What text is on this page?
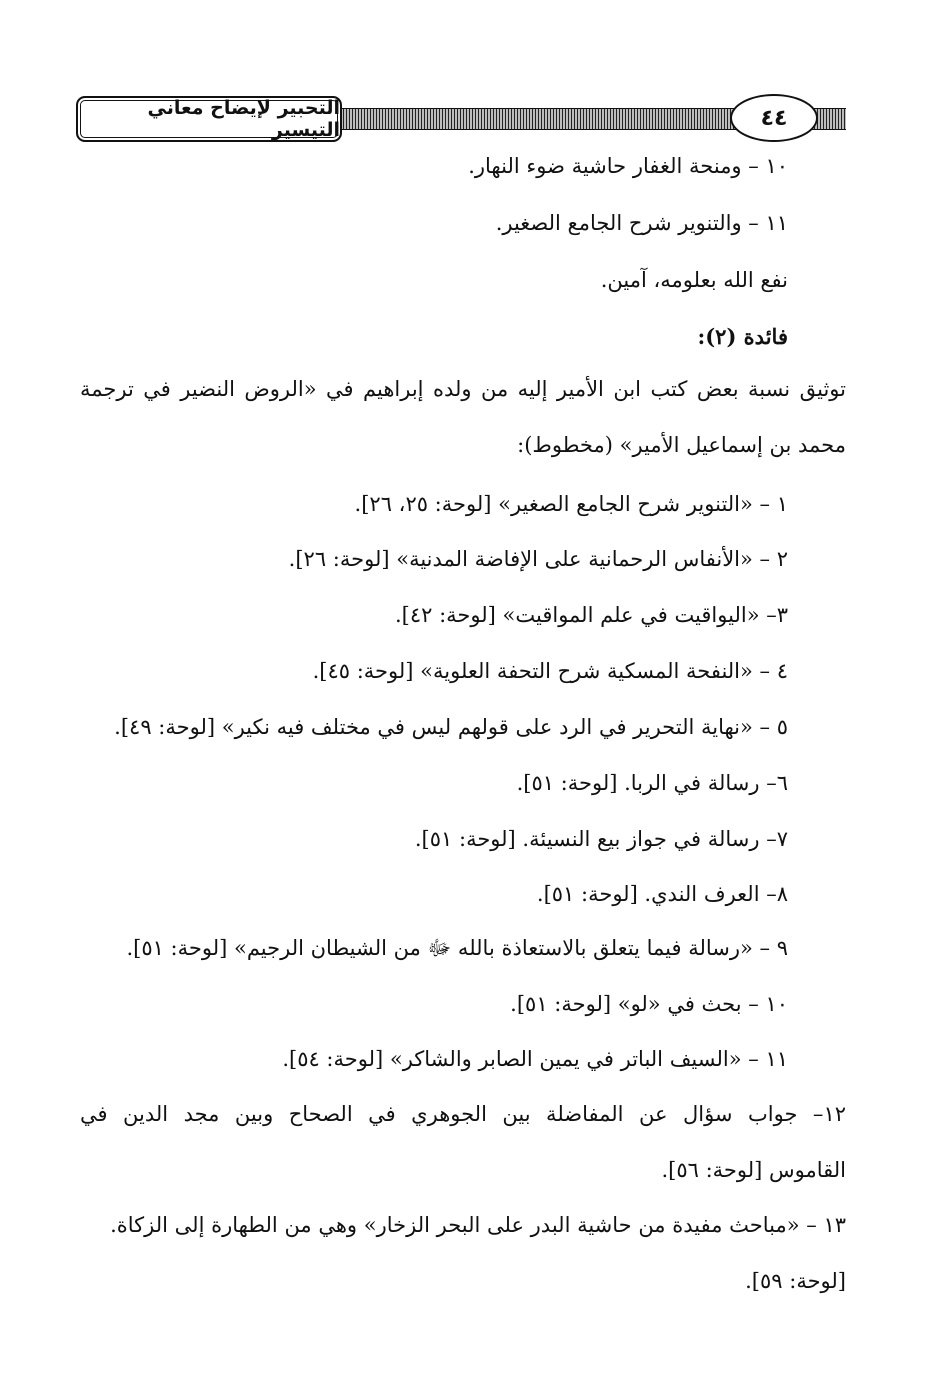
٤٤
التحبير لإيضاح معاني التيسير
١٠ – ومنحة الغفار حاشية ضوء النهار.
١١ – والتنوير شرح الجامع الصغير.
نفع الله بعلومه، آمين.
فائدة (٢):
توثيق نسبة بعض كتب ابن الأمير إليه من ولده إبراهيم في «الروض النضير في ترجمة
محمد بن إسماعيل الأمير» (مخطوط):
١ – «التنوير شرح الجامع الصغير» [لوحة: ٢٥، ٢٦].
٢ – «الأنفاس الرحمانية على الإفاضة المدنية» [لوحة: ٢٦].
٣– «اليواقيت في علم المواقيت» [لوحة: ٤٢].
٤ – «النفحة المسكية شرح التحفة العلوية» [لوحة: ٤٥].
٥ – «نهاية التحرير في الرد على قولهم ليس في مختلف فيه نكير» [لوحة: ٤٩].
٦– رسالة في الربا. [لوحة: ٥١].
٧– رسالة في جواز بيع النسيئة. [لوحة: ٥١].
٨– العرف الندي. [لوحة: ٥١].
٩ – «رسالة فيما يتعلق بالاستعاذة بالله ﷻ من الشيطان الرجيم» [لوحة: ٥١].
١٠ – بحث في «لو» [لوحة: ٥١].
١١ – «السيف الباتر في يمين الصابر والشاكر» [لوحة: ٥٤].
١٢– جواب سؤال عن المفاضلة بين الجوهري في الصحاح وبين مجد الدين في
القاموس [لوحة: ٥٦].
١٣ – «مباحث مفيدة من حاشية البدر على البحر الزخار» وهي من الطهارة إلى الزكاة.
[لوحة: ٥٩].
